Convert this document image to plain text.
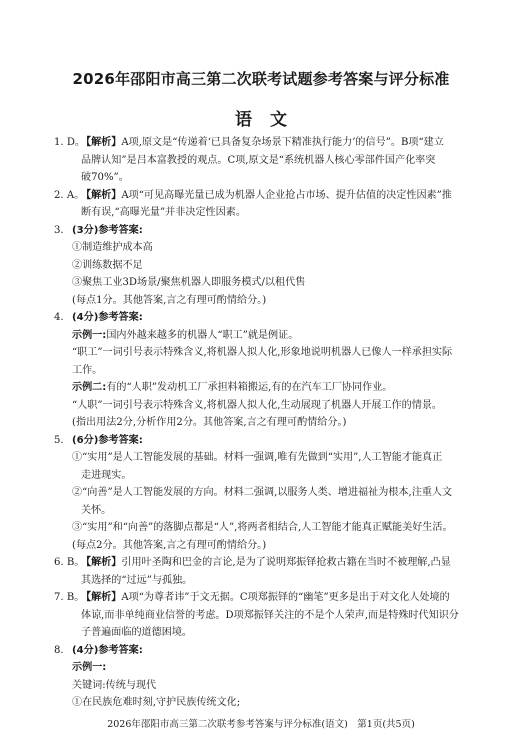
2026年邵阳市高三第二次联考试题参考答案与评分标准
语文
1. D。

【解析】A项,原文是“传递着‘已具备复杂场景下精准执行能力’的信号”。B项“建立

品牌认知”是吕本富教授的观点。C项,原文是“系统机器人核心零部件国产化率突

破70%”。

2. A。

【解析】A项“可见高曝光量已成为机器人企业抢占市场、提升估值的决定性因素”推

断有误,“高曝光量”并非决定性因素。

3. (3分)参考答案:

①制造维护成本高

②训练数据不足

③聚焦工业3D场景/聚焦机器人即服务模式/以租代售

(每点1分。其他答案,言之有理可酌情给分。)

4. (4分)参考答案:

示例一:国内外越来越多的机器人“职工”就是例证。

“职工”一词引号表示特殊含义,将机器人拟人化,形象地说明机器人已像人一样承担实际

工作。

示例二:有的“人职”发动机工厂承担料箱搬运,有的在汽车工厂协同作业。

“人职”一词引号表示特殊含义,将机器人拟人化,生动展现了机器人开展工作的情景。

(指出用法2分,分析作用2分。其他答案,言之有理可酌情给分。)

5. (6分)参考答案:

①“实用”是人工智能发展的基础。材料一强调,唯有先做到“实用”,人工智能才能真正

走进现实。

②“向善”是人工智能发展的方向。材料二强调,以服务人类、增进福祉为根本,注重人文

关怀。

③“实用”和“向善”的落脚点都是“人”,将两者相结合,人工智能才能真正赋能美好生活。

(每点2分。其他答案,言之有理可酌情给分。)

6. B。

【解析】引用叶圣陶和巴金的言论,是为了说明郑振铎抢救古籍在当时不被理解,凸显

其选择的“过远”与孤独。

7. B。

【解析】A项“为尊者讳”于文无据。C项郑振铎的“幽笔”更多是出于对文化人处境的

体谅,而非单纯商业信誉的考虑。D项郑振铎关注的不是个人荣声,而是特殊时代知识分

子普遍面临的道德困境。

8. (4分)参考答案:

示例一:

关键词:传统与现代

①在民族危难时刻,守护民族传统文化;

2026年邵阳市高三第二次联考参考答案与评分标准(语文)　第1页(共5页)
